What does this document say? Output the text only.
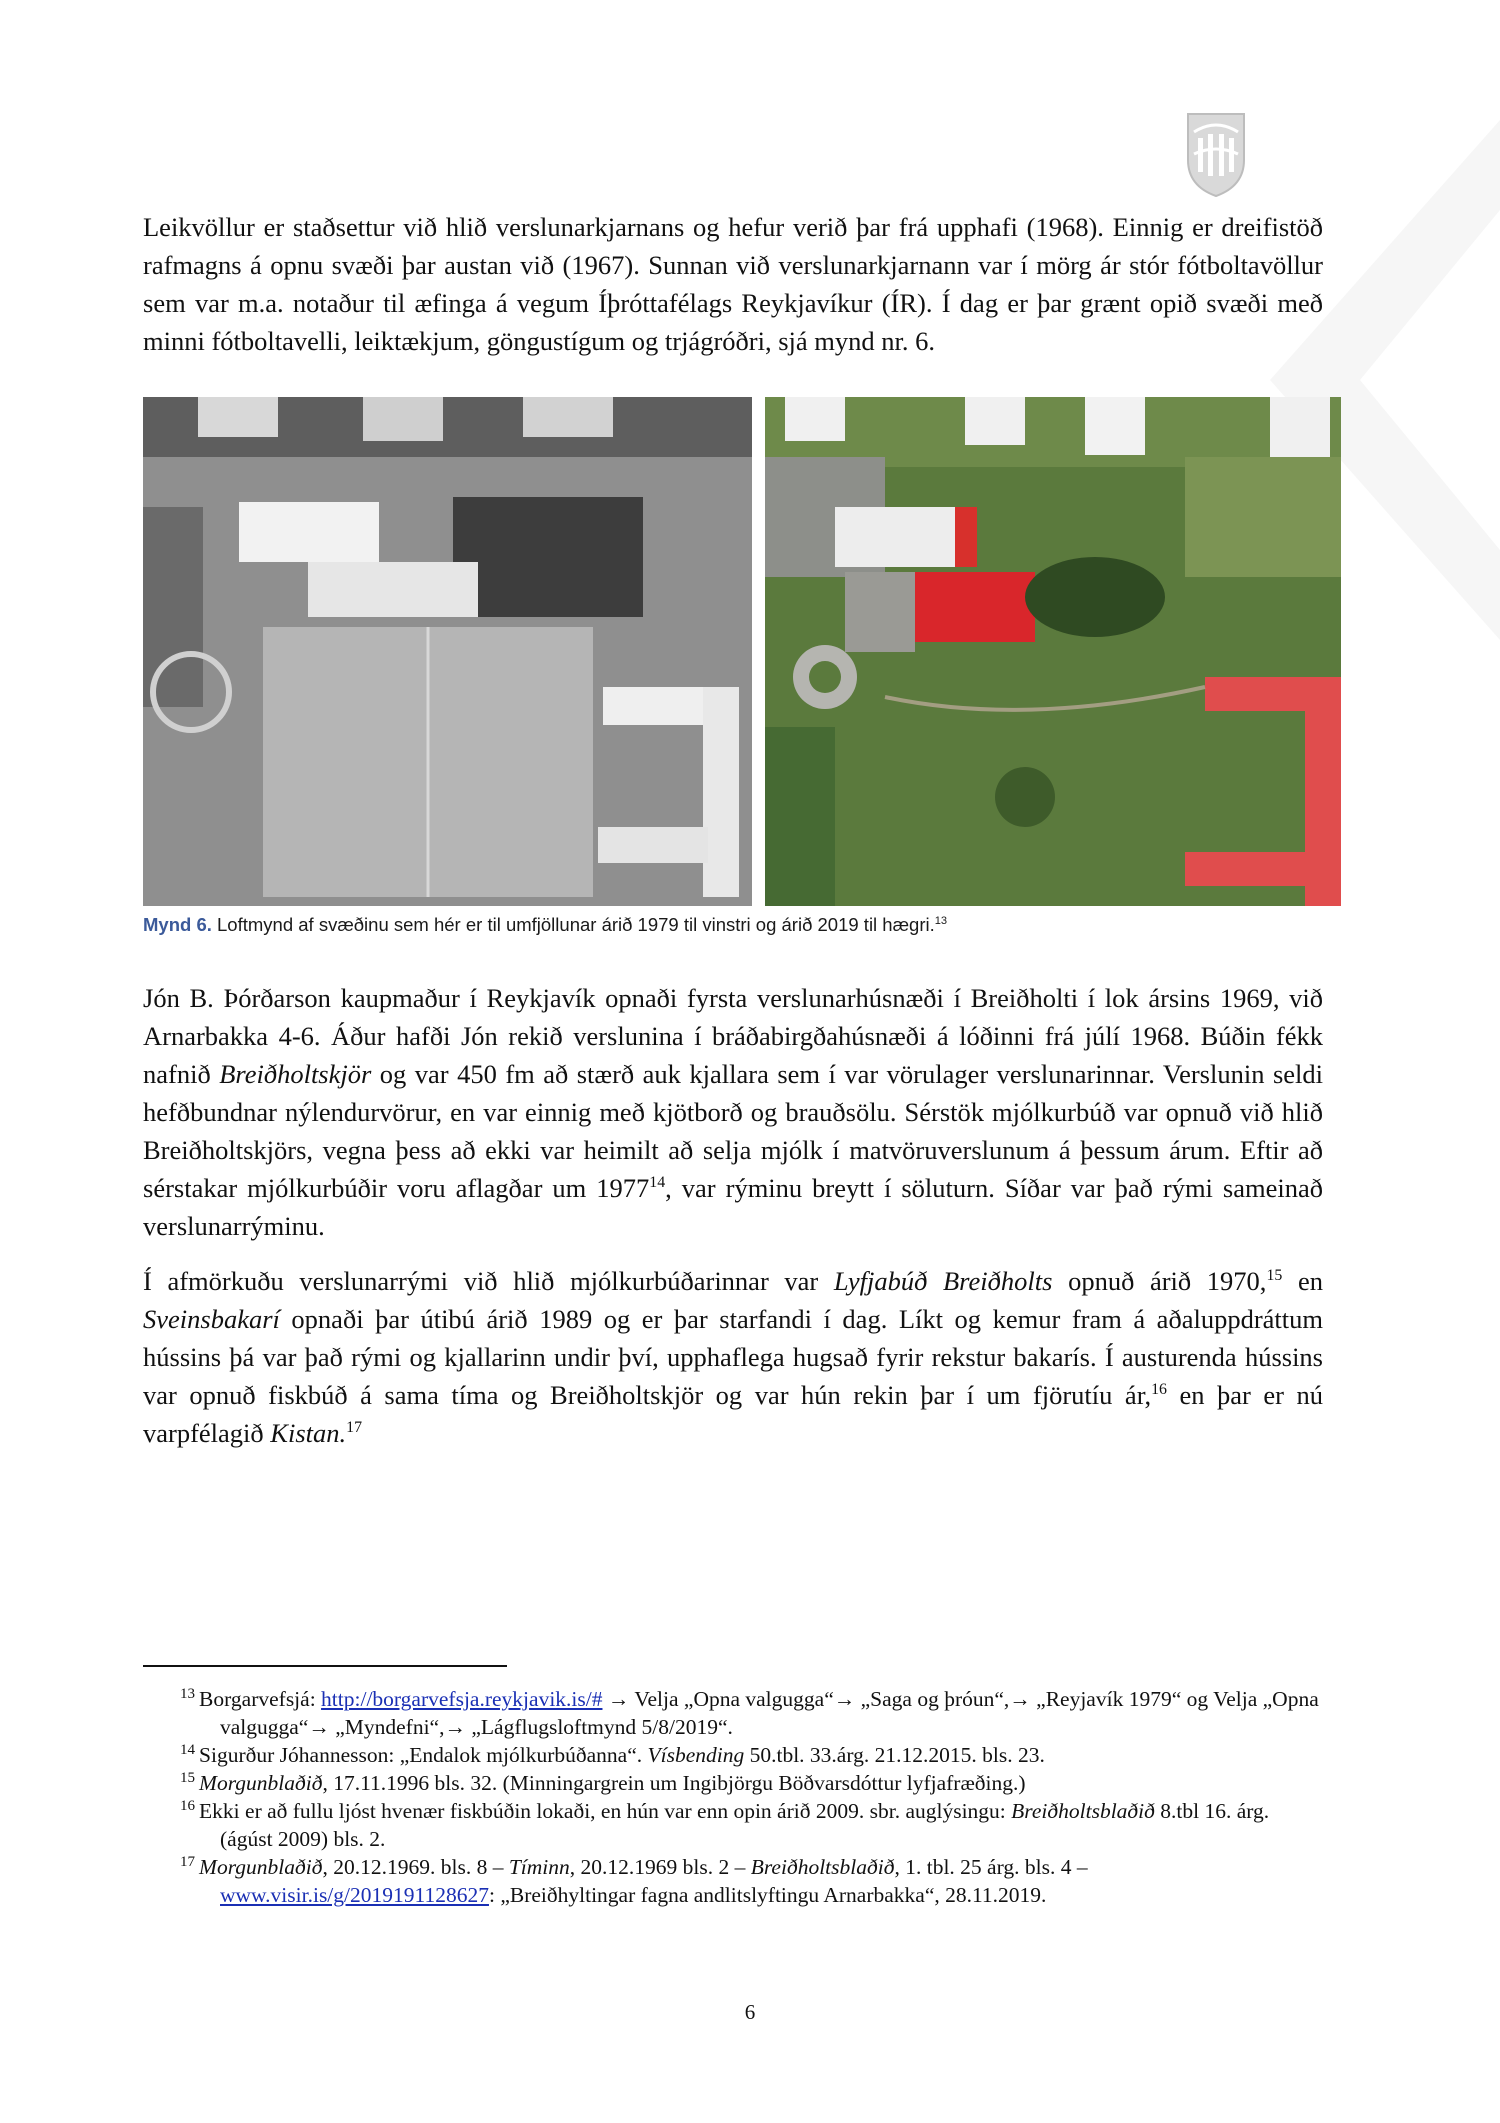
Leikvöllur er staðsettur við hlið verslunarkjarnans og hefur verið þar frá upphafi (1968). Einnig er dreifistöð rafmagns á opnu svæði þar austan við (1967). Sunnan við verslunarkjarnann var í mörg ár stór fótboltavöllur sem var m.a. notaður til æfinga á vegum Íþróttafélags Reykjavíkur (ÍR). Í dag er þar grænt opið svæði með minni fótboltavelli, leiktækjum, göngustígum og trjágróðri, sjá mynd nr. 6.

Mynd 6. Loftmynd af svæðinu sem hér er til umfjöllunar árið 1979 til vinstri og árið 2019 til hægri.$^{13}$

Jón B. Þórðarson kaupmaður í Reykjavík opnaði fyrsta verslunarhúsnæði í Breiðholti í lok ársins 1969, við Arnarbakka 4-6. Áður hafði Jón rekið verslunina í bráðabirgðahúsnæði á lóðinni frá júlí 1968. Búðin fékk nafnið Breiðholtskjör og var 450 fm að stærð auk kjallara sem í var vörulager verslunarinnar. Verslunin seldi hefðbundnar nýlendurvörur, en var einnig með kjötborð og brauðsölu. Sérstök mjólkurbúð var opnuð við hlið Breiðholtskjörs, vegna þess að ekki var heimilt að selja mjólk í matvöruverslunum á þessum árum. Eftir að sérstakar mjólkurbúðir voru aflagðar um 1977$^{14}$, var rýminu breytt í söluturn. Síðar var það rými sameinað verslunarrýminu.

Í afmörkuðu verslunarrými við hlið mjólkurbúðarinnar var Lyfjabúð Breiðholts opnuð árið 1970,15 en Sveinsbakarí opnaði þar útibú árið 1989 og er þar starfandi í dag. Líkt og kemur fram á aðaluppdráttum hússins þá var það rými og kjallarinn undir því, upphaflega hugsað fyrir rekstur bakarís. Í austurenda hússins var opnuð fiskbúð á sama tíma og Breiðholtskjör og var hún rekin þar í um fjörutíu ár,$^{16}$ en þar er nú varpfélagið Kistan.$^{17}$

$^{13}$ Borgarvefsjá: http://borgarvefsja.reykjavik.is/# → Velja „Opna valgugga“→ „Saga og þróun“,→ „Reyjavík 1979“ og Velja „Opna valgugga“→ „Myndefni“,→ „Lágflugsloftmynd 5/8/2019“.

$^{14}$ Sigurður Jóhannesson: „Endalok mjólkurbúðanna“. Vísbending 50.tbl. 33.árg. 21.12.2015. bls. 23.

$^{15}$ Morgunblaðið, 17.11.1996 bls. 32. (Minningargrein um Ingibjörgu Böðvarsdóttur lyfjafræðing.)

$^{16}$ Ekki er að fullu ljóst hvenær fiskbúðin lokaði, en hún var enn opin árið 2009. sbr. auglýsingu: Breiðholtsblaðið 8.tbl 16. árg. (ágúst 2009) bls. 2.

$^{17}$ Morgunblaðið, 20.12.1969. bls. 8 – Tíminn, 20.12.1969 bls. 2 – Breiðholtsblaðið, 1. tbl. 25 árg. bls. 4 – www.visir.is/g/2019191128627: „Breiðhyltingar fagna andlitslyftingu Arnarbakka“, 28.11.2019.

6
